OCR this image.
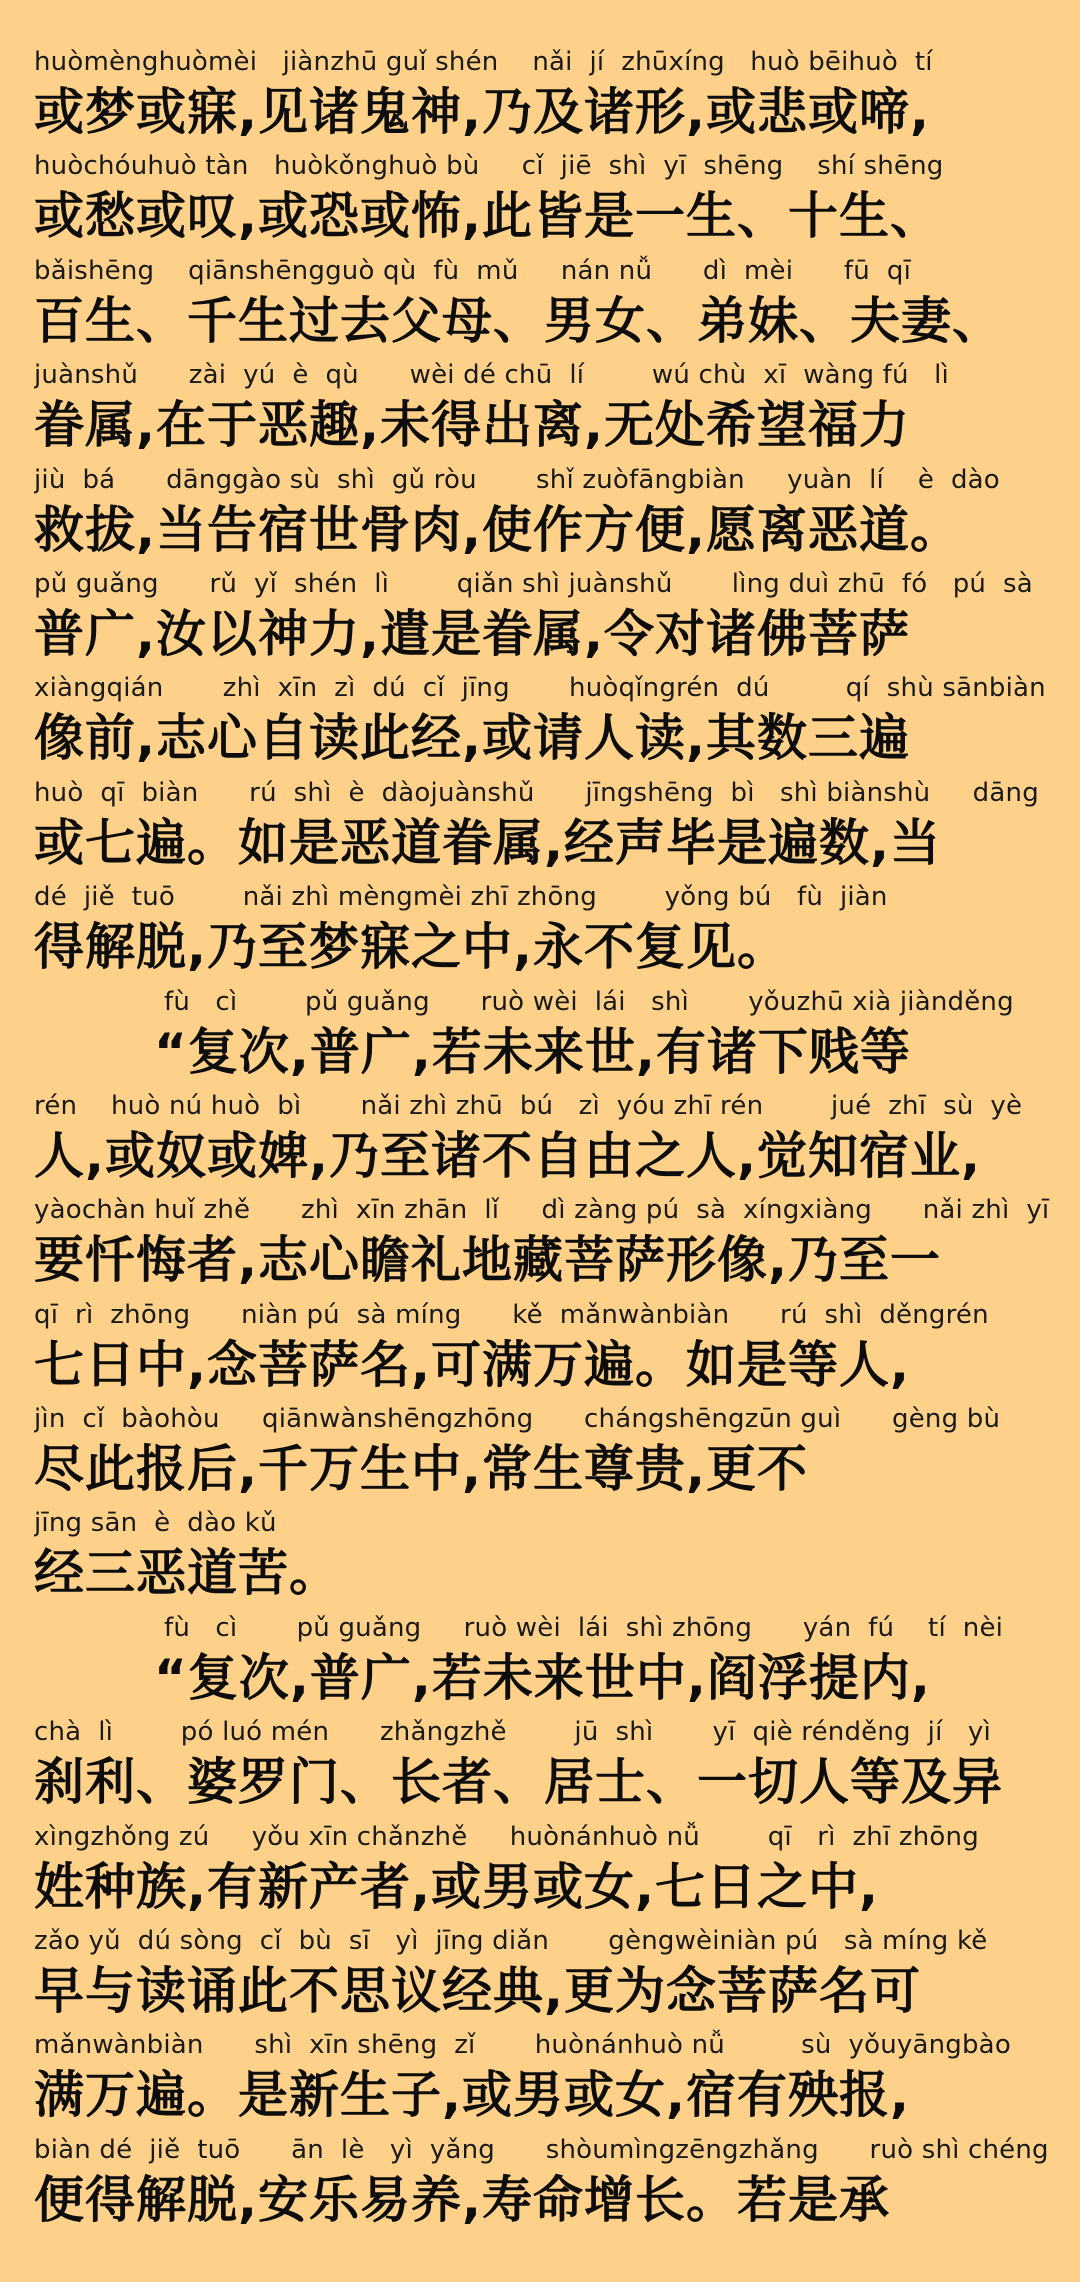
huòmènghuòmèi   jiànzhū guǐ shén    nǎi  jí  zhūxíng   huò bēihuò  tí
或梦或寐,见诸鬼神,乃及诸形,或悲或啼,
huòchóuhuò tàn   huòkǒnghuò bù     cǐ  jiē  shì  yī  shēng    shí shēng
或愁或叹,或恐或怖,此皆是一生、十生、
bǎishēng    qiānshēngguò qù  fù  mǔ     nán nǚ      dì  mèi      fū  qī
百生、千生过去父母、男女、弟妹、夫妻、
juànshǔ      zài  yú  è  qù      wèi dé chū  lí        wú chù  xī  wàng fú   lì
眷属,在于恶趣,未得出离,无处希望福力
jiù  bá      dānggào sù  shì  gǔ ròu       shǐ zuòfāngbiàn     yuàn  lí    è  dào
救拔,当告宿世骨肉,使作方便,愿离恶道。
pǔ guǎng      rǔ  yǐ  shén  lì        qiǎn shì juànshǔ       lìng duì zhū  fó   pú  sà
普广,汝以神力,遣是眷属,令对诸佛菩萨
xiàngqián       zhì  xīn  zì  dú  cǐ  jīng       huòqǐngrén  dú         qí  shù sānbiàn
像前,志心自读此经,或请人读,其数三遍
huò  qī  biàn      rú  shì  è  dàojuànshǔ      jīngshēng  bì   shì biànshù     dāng
或七遍。如是恶道眷属,经声毕是遍数,当
dé  jiě  tuō        nǎi zhì mèngmèi zhī zhōng        yǒng bú   fù  jiàn
得解脱,乃至梦寐之中,永不复见。
fù   cì        pǔ guǎng      ruò wèi  lái   shì       yǒuzhū xià jiànděng
“复次,普广,若未来世,有诸下贱等
rén    huò nú huò  bì       nǎi zhì zhū  bú   zì  yóu zhī rén        jué  zhī  sù  yè
人,或奴或婢,乃至诸不自由之人,觉知宿业,
yàochàn huǐ zhě      zhì  xīn zhān  lǐ     dì zàng pú  sà  xíngxiàng      nǎi zhì  yī
要忏悔者,志心瞻礼地藏菩萨形像,乃至一
qī  rì  zhōng      niàn pú  sà míng      kě  mǎnwànbiàn      rú  shì  děngrén
七日中,念菩萨名,可满万遍。如是等人,
jìn  cǐ  bàohòu     qiānwànshēngzhōng      chángshēngzūn guì      gèng bù
尽此报后,千万生中,常生尊贵,更不
jīng sān  è  dào kǔ
经三恶道苦。
fù   cì       pǔ guǎng     ruò wèi  lái  shì zhōng      yán  fú    tí  nèi
“复次,普广,若未来世中,阎浮提内,
chà  lì        pó luó mén      zhǎngzhě        jū  shì       yī  qiè rénděng  jí   yì
刹利、婆罗门、长者、居士、一切人等及异
xìngzhǒng zú     yǒu xīn chǎnzhě     huònánhuò nǚ        qī   rì  zhī zhōng
姓种族,有新产者,或男或女,七日之中,
zǎo yǔ  dú sòng  cǐ  bù  sī   yì  jīng diǎn       gèngwèiniàn pú   sà míng kě
早与读诵此不思议经典,更为念菩萨名可
mǎnwànbiàn      shì  xīn shēng  zǐ       huònánhuò nǚ         sù  yǒuyāngbào
满万遍。是新生子,或男或女,宿有殃报,
biàn dé  jiě  tuō      ān  lè   yì  yǎng      shòumìngzēngzhǎng      ruò shì chéng
便得解脱,安乐易养,寿命增长。若是承
